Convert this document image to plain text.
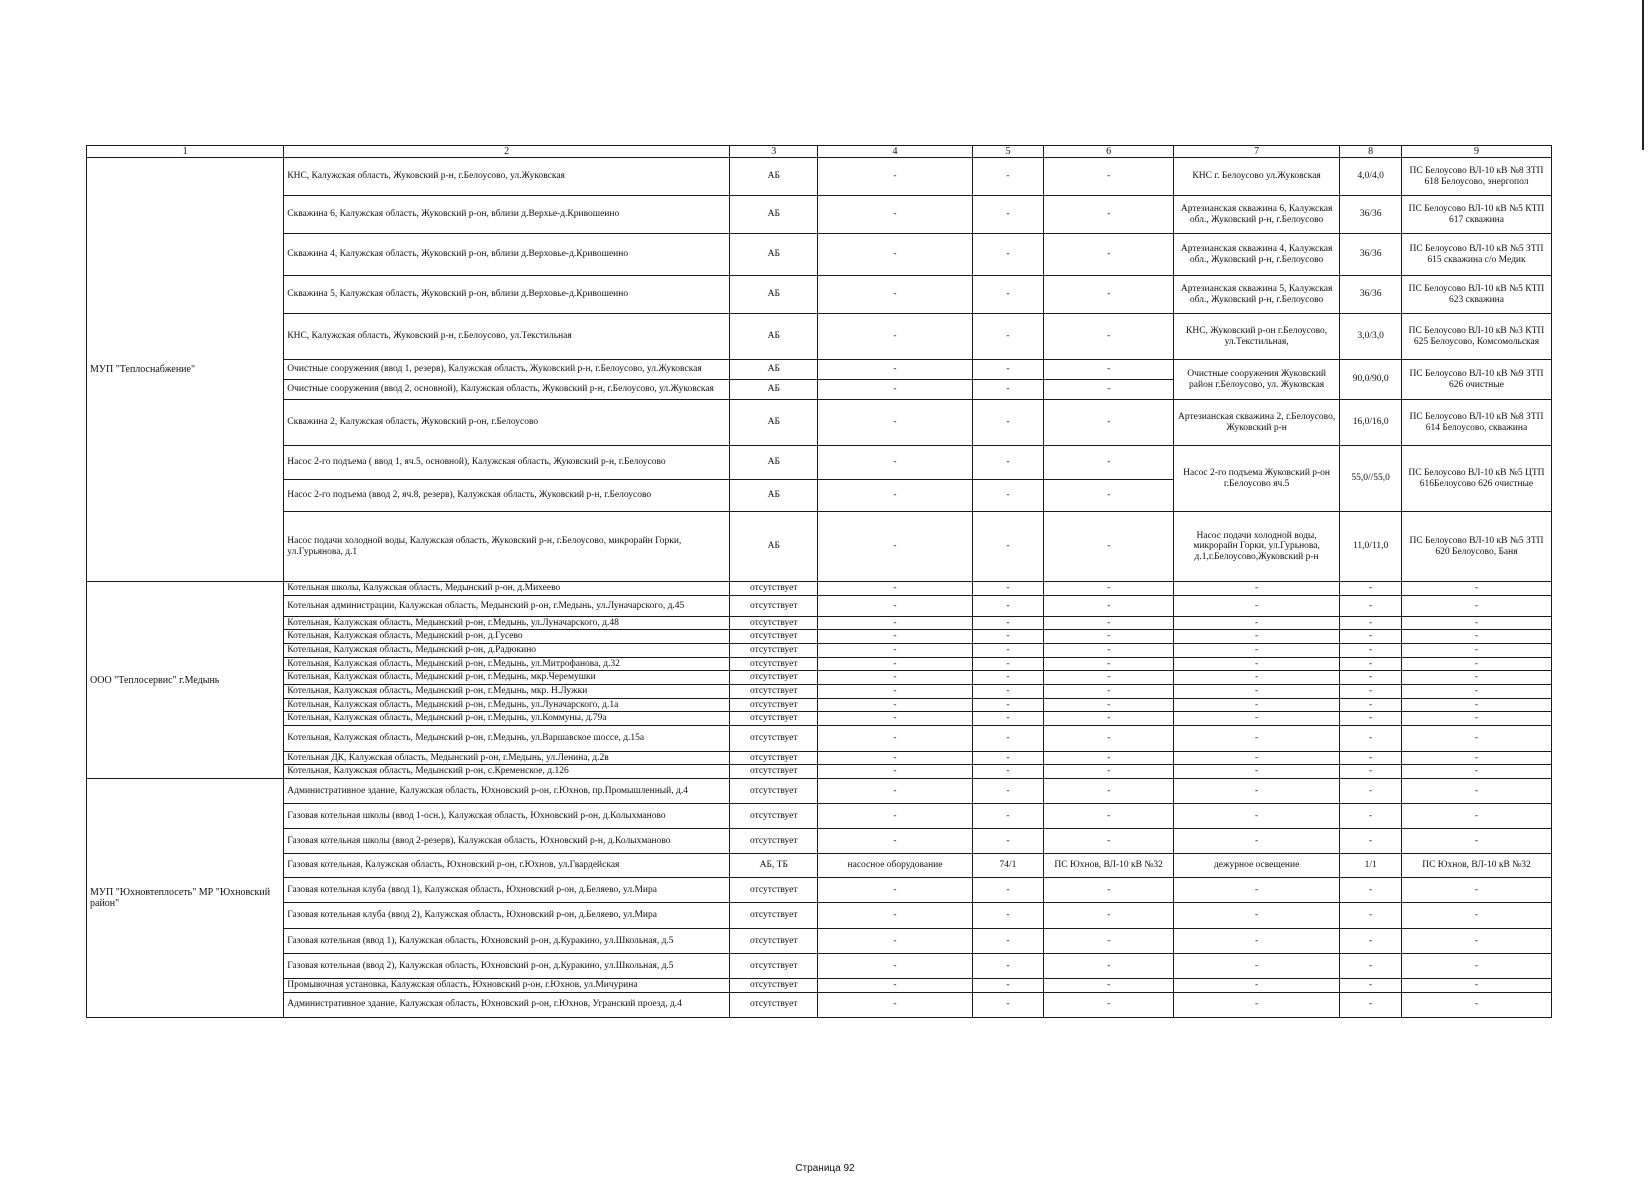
1	2	3	4	5	6	7	8	9
МУП "Теплоснабжение"	КНС, Калужская область, Жуковский р-н, г.Белоусово, ул.Жуковская	АБ	-	-	-	КНС г. Белоусово ул.Жуковская	4,0/4,0	ПС Белоусово ВЛ-10 кВ №8 ЗТП 618 Белоусово, энергопол
	Скважина 6, Калужская область, Жуковский р-он, вблизи д.Верхье-д.Кривошеино	АБ	-	-	-	Артезианская скважина 6, Калужская обл., Жуковский р-н, г.Белоусово	36/36	ПС Белоусово ВЛ-10 кВ №5 КТП 617 скважина
	Скважина 4, Калужская область, Жуковский р-он, вблизи д.Верховье-д.Кривошеино	АБ	-	-	-	Артезианская скважина 4, Калужская обл., Жуковский р-н, г.Белоусово	36/36	ПС Белоусово ВЛ-10 кВ №5 ЗТП 615 скважина с/о Медик
	Скважина 5, Калужская область, Жуковский р-он, вблизи д.Верховье-д.Кривошеино	АБ	-	-	-	Артезианская скважина 5, Калужская обл., Жуковский р-н, г.Белоусово	36/36	ПС Белоусово ВЛ-10 кВ №5 КТП 623 скважина
	КНС, Калужская область, Жуковский р-н, г.Белоусово, ул.Текстильная	АБ	-	-	-	КНС, Жуковский р-он г.Белоусово, ул.Текстильная,	3,0/3,0	ПС Белоусово ВЛ-10 кВ №3 КТП 625 Белоусово, Комсомольская
	Очистные сооружения (ввод 1, резерв), Калужская область, Жуковский р-н, г.Белоусово, ул.Жуковская	АБ	-	-	-	Очистные сооружения Жуковский район г.Белоусово, ул. Жуковская	90,0/90,0	ПС Белоусово ВЛ-10 кВ №9 ЗТП 626 очистные
	Очистные сооружения (ввод 2, основной), Калужская область, Жуковский р-н, г.Белоусово, ул.Жуковская	АБ	-	-	-			
	Скважина 2, Калужская область, Жуковский р-он, г.Белоусово	АБ	-	-	-	Артезианская скважина 2, г.Белоусово, Жуковский р-н	16,0/16,0	ПС Белоусово ВЛ-10 кВ №8 ЗТП 614 Белоусово, скважина
	Насос 2-го подъема ( ввод 1, яч.5, основной), Калужская область, Жуковский р-н, г.Белоусово	АБ	-	-	-	Насос 2-го подъема Жуковский р-он г.Белоусово яч.5	55,0//55,0	ПС Белоусово ВЛ-10 кВ №5 ЦТП 616Белоусово 626 очистные
	Насос 2-го подъема (ввод 2, яч.8, резерв), Калужская область, Жуковский р-н, г.Белоусово	АБ	-	-	-			
	Насос подачи холодной воды, Калужская область, Жуковский р-н, г.Белоусово, микрорайн Горки, ул.Гурьянова, д.1	АБ	-	-	-	Насос подачи холодной воды, микрорайн Горки, ул.Гурьнова, д.1,г.Белоусово,Жуковский р-н	11,0/11,0	ПС Белоусово ВЛ-10 кВ №5 ЗТП 620 Белоусово, Баня
ООО "Теплосервис" г.Медынь	Котельная школы, Калужская область, Медынский р-он, д.Михеево	отсутствует	-	-	-	-	-	-
	Котельная администрации, Калужская область, Медынский р-он, г.Медынь, ул.Луначарского, д.45	отсутствует	-	-	-	-	-	-
	Котельная, Калужская область, Медынский р-он, г.Медынь, ул.Луначарского, д.48	отсутствует	-	-	-	-	-	-
	Котельная, Калужская область, Медынский р-он, д.Гусево	отсутствует	-	-	-	-	-	-
	Котельная, Калужская область, Медынский р-он, д.Радюкино	отсутствует	-	-	-	-	-	-
	Котельная, Калужская область, Медынский р-он, г.Медынь, ул.Митрофанова, д.32	отсутствует	-	-	-	-	-	-
	Котельная, Калужская область, Медынский р-он, г.Медынь, мкр.Черемушки	отсутствует	-	-	-	-	-	-
	Котельная, Калужская область, Медынский р-он, г.Медынь, мкр. Н.Лужки	отсутствует	-	-	-	-	-	-
	Котельная, Калужская область, Медынский р-он, г.Медынь, ул.Луначарского, д.1а	отсутствует	-	-	-	-	-	-
	Котельная, Калужская область, Медынский р-он, г.Медынь, ул.Коммуны, д.79а	отсутствует	-	-	-	-	-	-
	Котельная, Калужская область, Медынский р-он, г.Медынь, ул.Варшавское шоссе, д.15а	отсутствует	-	-	-	-	-	-
	Котельная ДК, Калужская область, Медынский р-он, г.Медынь, ул.Ленина, д.2в	отсутствует	-	-	-	-	-	-
	Котельная, Калужская область, Медынский р-он, с.Кременское, д.126	отсутствует	-	-	-	-	-	-
МУП "Юхновтеплосеть" МР "Юхновский район"	Административное здание, Калужская область, Юхновский р-он, г.Юхнов, пр.Промышленный, д.4	отсутствует	-	-	-	-	-	-
	Газовая котельная школы (ввод 1-осн.), Калужская область, Юхновский р-он, д.Колыхманово	отсутствует	-	-	-	-	-	-
	Газовая котельная школы (ввод 2-резерв), Калужская область, Юхновский р-н, д.Колыхманово	отсутствует	-	-	-	-	-	-
	Газовая котельная, Калужская область, Юхновский р-он, г.Юхнов, ул.Гвардейская	АБ, ТБ	насосное оборудование	74/1	ПС Юхнов, ВЛ-10 кВ №32	дежурное освещение	1/1	ПС Юхнов, ВЛ-10 кВ №32
	Газовая котельная клуба (ввод 1), Калужская область, Юхновский р-он, д.Беляево, ул.Мира	отсутствует	-	-	-	-	-	-
	Газовая котельная клуба (ввод 2), Калужская область, Юхновский р-он, д.Беляево, ул.Мира	отсутствует	-	-	-	-	-	-
	Газовая котельная (ввод 1), Калужская область, Юхновский р-он, д.Куракино, ул.Школьная, д.5	отсутствует	-	-	-	-	-	-
	Газовая котельная (ввод 2), Калужская область, Юхновский р-он, д.Куракино, ул.Школьная, д.5	отсутствует	-	-	-	-	-	-
	Промывочная установка, Калужская область, Юхновский р-он, г.Юхнов, ул.Мичурина	отсутствует	-	-	-	-	-	-
	Административное здание, Калужская область, Юхновский р-он, г.Юхнов, Угранский проезд, д.4	отсутствует	-	-	-	-	-	-
Страница 92
